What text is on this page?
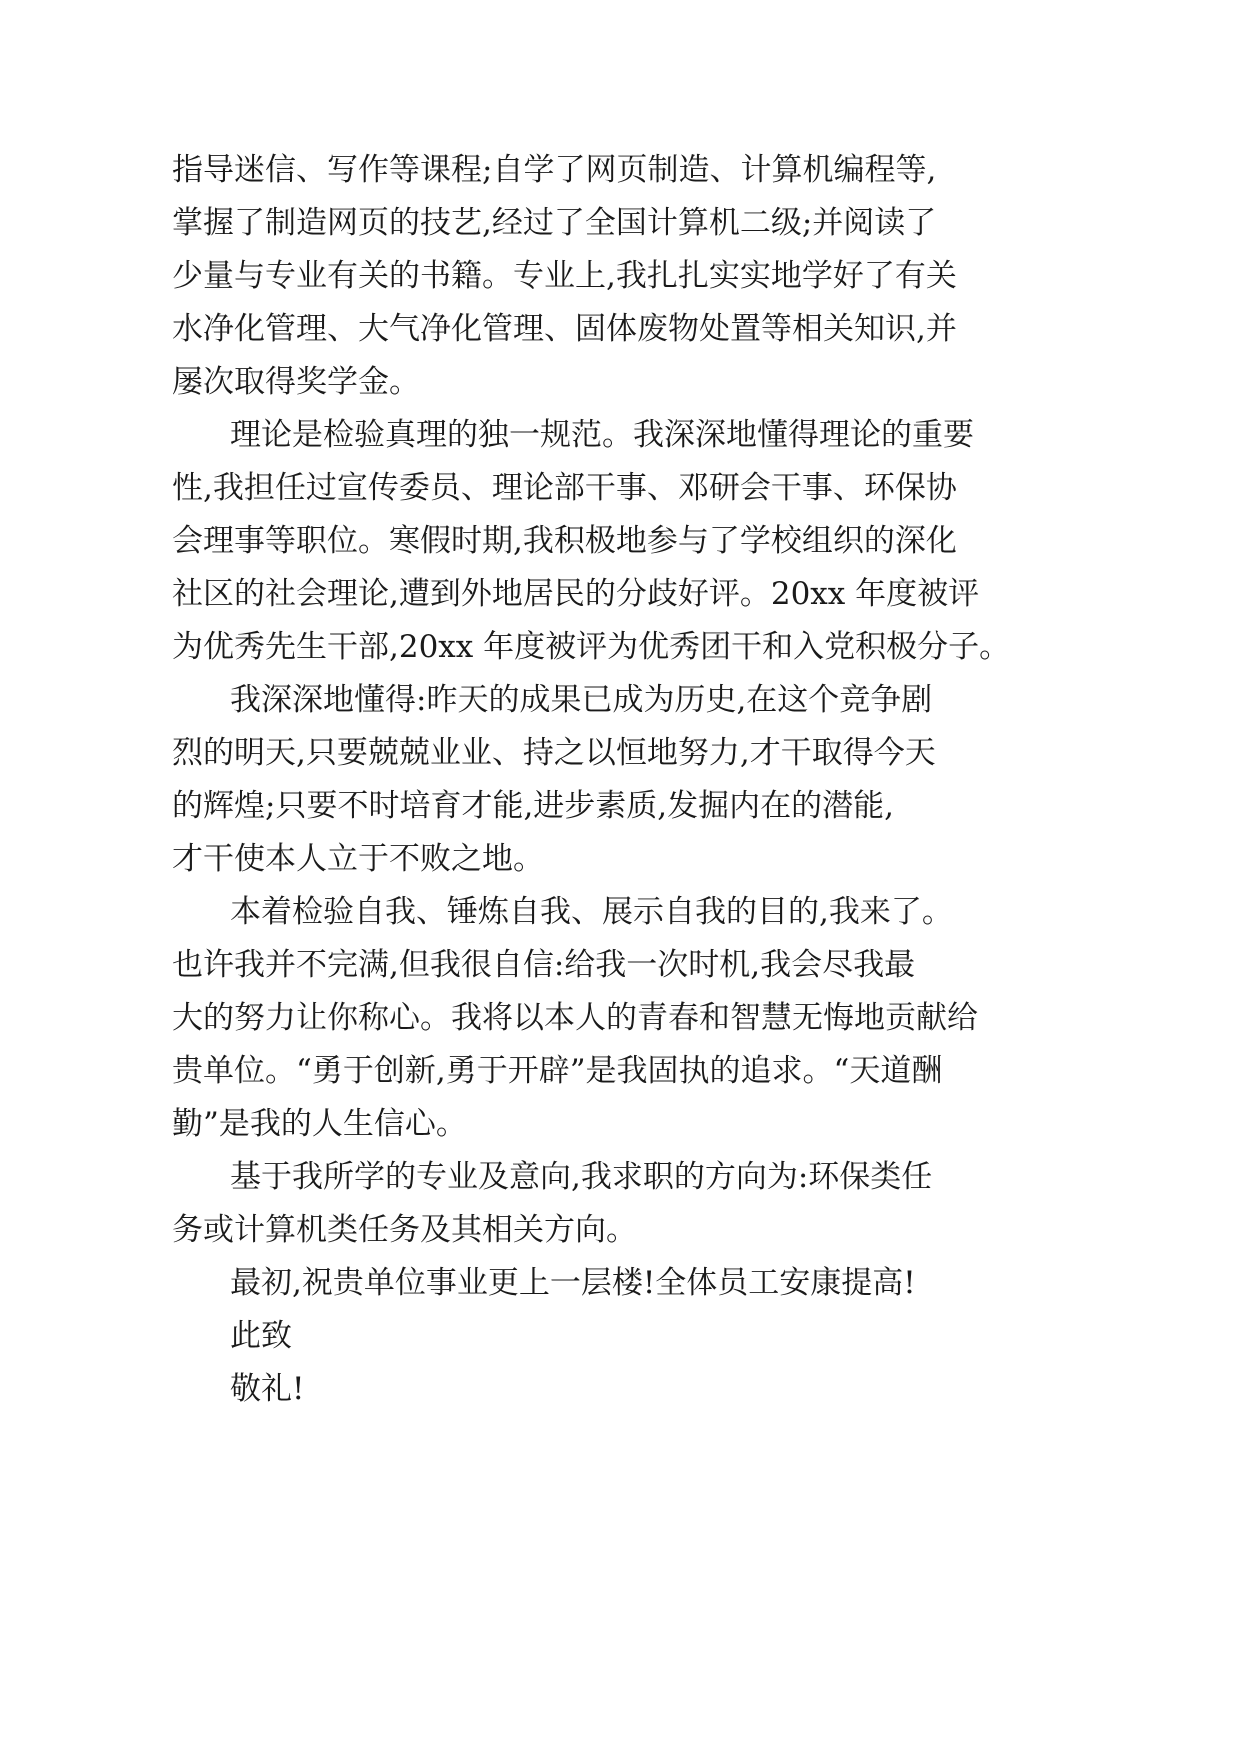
指导迷信、写作等课程;自学了网页制造、计算机编程等,
掌握了制造网页的技艺,经过了全国计算机二级;并阅读了
少量与专业有关的书籍。专业上,我扎扎实实地学好了有关
水净化管理、大气净化管理、固体废物处置等相关知识,并
屡次取得奖学金。
理论是检验真理的独一规范。我深深地懂得理论的重要
性,我担任过宣传委员、理论部干事、邓研会干事、环保协
会理事等职位。寒假时期,我积极地参与了学校组织的深化
社区的社会理论,遭到外地居民的分歧好评。20xx 年度被评
为优秀先生干部,20xx 年度被评为优秀团干和入党积极分子。
我深深地懂得:昨天的成果已成为历史,在这个竞争剧
烈的明天,只要兢兢业业、持之以恒地努力,才干取得今天
的辉煌;只要不时培育才能,进步素质,发掘内在的潜能,
才干使本人立于不败之地。
本着检验自我、锤炼自我、展示自我的目的,我来了。
也许我并不完满,但我很自信:给我一次时机,我会尽我最
大的努力让你称心。我将以本人的青春和智慧无悔地贡献给
贵单位。“勇于创新,勇于开辟”是我固执的追求。“天道酬
勤”是我的人生信心。
基于我所学的专业及意向,我求职的方向为:环保类任
务或计算机类任务及其相关方向。
最初,祝贵单位事业更上一层楼!全体员工安康提高!
此致
敬礼!
